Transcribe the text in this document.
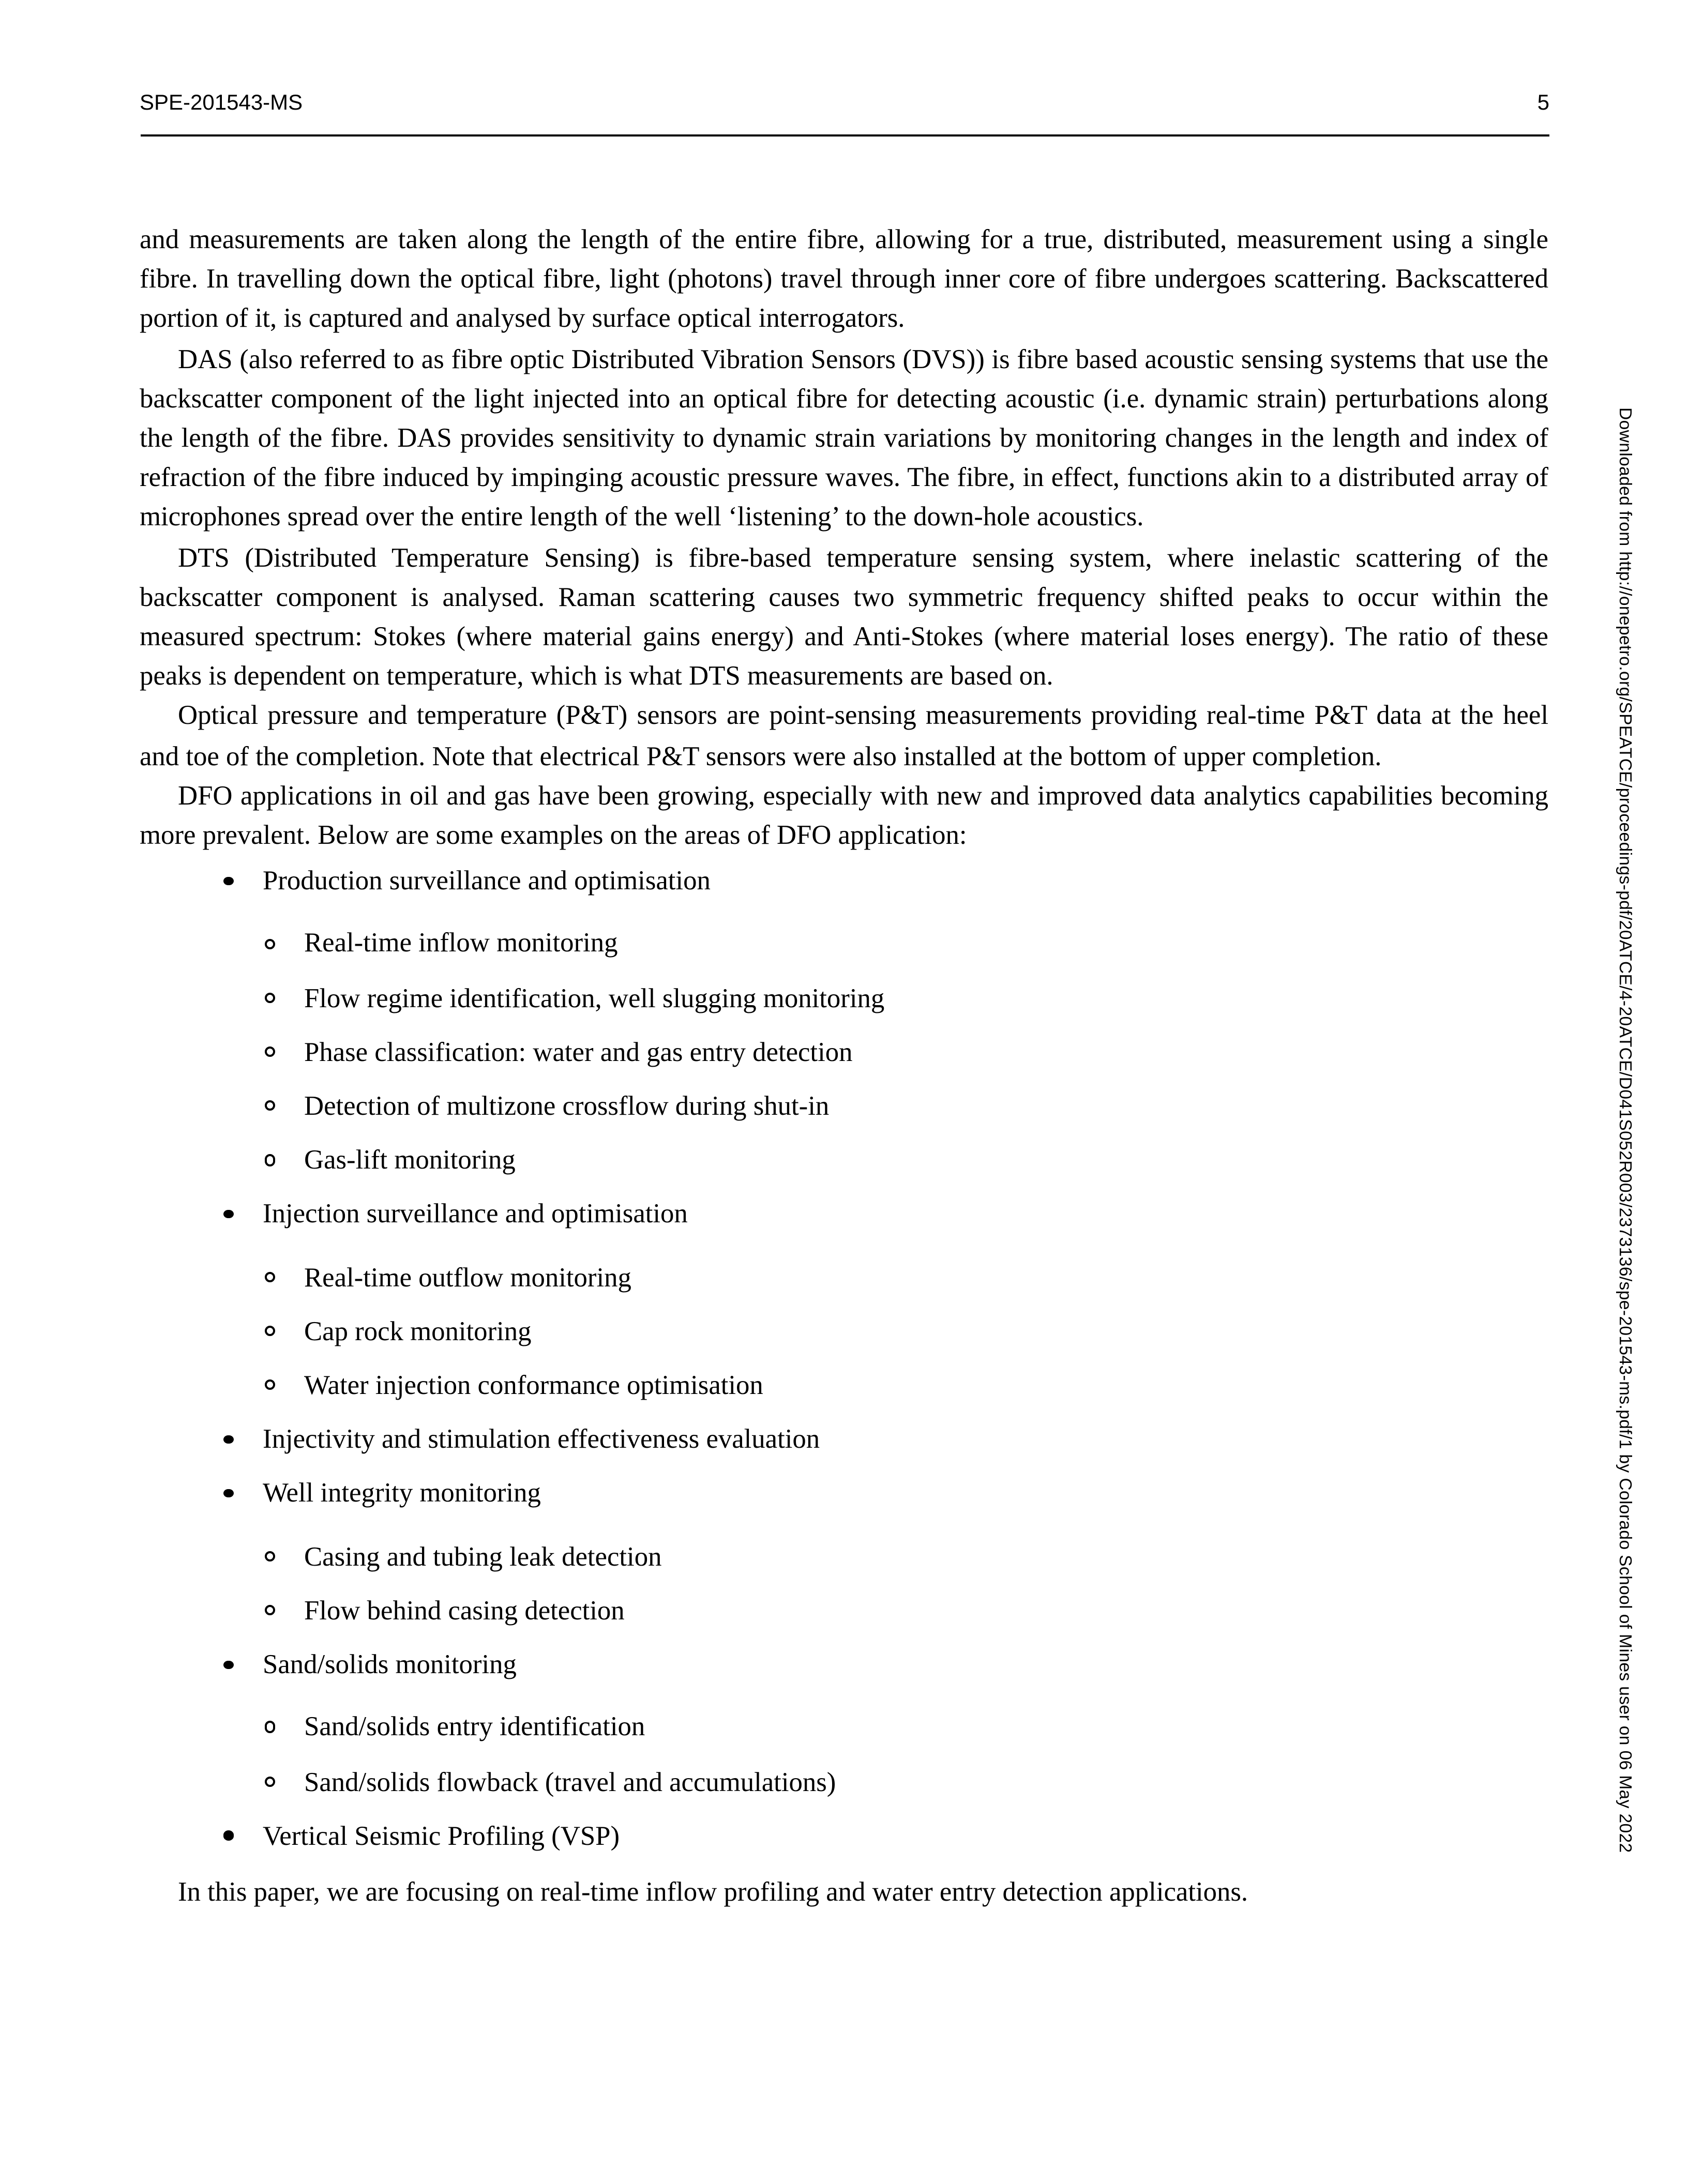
SPE-201543-MS	5

and measurements are taken along the length of the entire fibre, allowing for a true, distributed, measurement using a single fibre. In travelling down the optical fibre, light (photons) travel through inner core of fibre undergoes scattering. Backscattered portion of it, is captured and analysed by surface optical interrogators.

DAS (also referred to as fibre optic Distributed Vibration Sensors (DVS)) is fibre based acoustic sensing systems that use the backscatter component of the light injected into an optical fibre for detecting acoustic (i.e. dynamic strain) perturbations along the length of the fibre. DAS provides sensitivity to dynamic strain variations by monitoring changes in the length and index of refraction of the fibre induced by impinging acoustic pressure waves. The fibre, in effect, functions akin to a distributed array of microphones spread over the entire length of the well ‘listening’ to the down-hole acoustics.

DTS (Distributed Temperature Sensing) is fibre-based temperature sensing system, where inelastic scattering of the backscatter component is analysed. Raman scattering causes two symmetric frequency shifted peaks to occur within the measured spectrum: Stokes (where material gains energy) and Anti-Stokes (where material loses energy). The ratio of these peaks is dependent on temperature, which is what DTS measurements are based on.

Optical pressure and temperature (P&T) sensors are point-sensing measurements providing real-time P&T data at the heel and toe of the completion. Note that electrical P&T sensors were also installed at the bottom of upper completion.

DFO applications in oil and gas have been growing, especially with new and improved data analytics capabilities becoming more prevalent. Below are some examples on the areas of DFO application:

Production surveillance and optimisation
Real-time inflow monitoring
Flow regime identification, well slugging monitoring
Phase classification: water and gas entry detection
Detection of multizone crossflow during shut-in
Gas-lift monitoring
Injection surveillance and optimisation
Real-time outflow monitoring
Cap rock monitoring
Water injection conformance optimisation
Injectivity and stimulation effectiveness evaluation
Well integrity monitoring
Casing and tubing leak detection
Flow behind casing detection
Sand/solids monitoring
Sand/solids entry identification
Sand/solids flowback (travel and accumulations)
Vertical Seismic Profiling (VSP)

In this paper, we are focusing on real-time inflow profiling and water entry detection applications.

Downloaded from http://onepetro.org/SPEATCE/proceedings-pdf/20ATCE/4-20ATCE/D041S052R003/2373136/spe-201543-ms.pdf/1 by Colorado School of Mines user on 06 May 2022
